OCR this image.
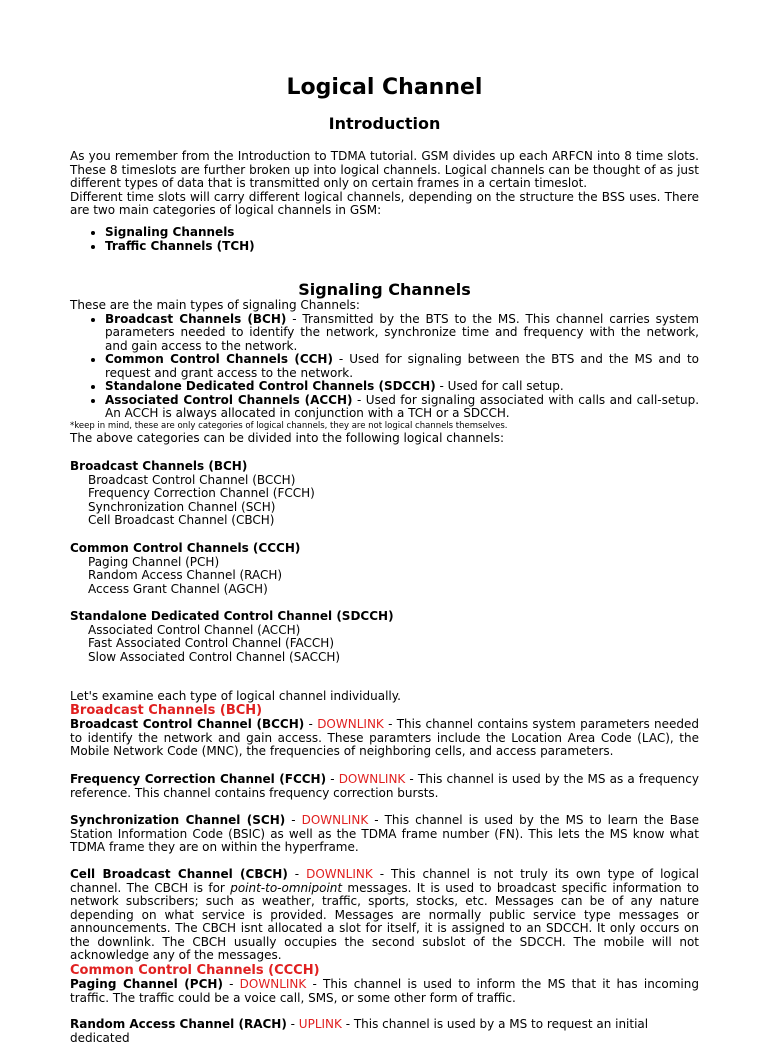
Logical Channel
Introduction

As you remember from the Introduction to TDMA tutorial. GSM divides up each ARFCN into 8 time slots. These 8 timeslots are further broken up into logical channels. Logical channels can be thought of as just different types of data that is transmitted only on certain frames in a certain timeslot.

Different time slots will carry different logical channels, depending on the structure the BSS uses. There are two main categories of logical channels in GSM:

• Signaling Channels
• Traffic Channels (TCH)
Signaling Channels

These are the main types of signaling Channels:

• Broadcast Channels (BCH) - Transmitted by the BTS to the MS. This channel carries system parameters needed to identify the network, synchronize time and frequency with the network, and gain access to the network.
• Common Control Channels (CCH) - Used for signaling between the BTS and the MS and to request and grant access to the network.
• Standalone Dedicated Control Channels (SDCCH) - Used for call setup.
• Associated Control Channels (ACCH) - Used for signaling associated with calls and call-setup. An ACCH is always allocated in conjunction with a TCH or a SDCCH.

*keep in mind, these are only categories of logical channels, they are not logical channels themselves.

The above categories can be divided into the following logical channels:

Broadcast Channels (BCH)

Broadcast Control Channel (BCCH)

Frequency Correction Channel (FCCH)

Synchronization Channel (SCH)

Cell Broadcast Channel (CBCH)

Common Control Channels (CCCH)

Paging Channel (PCH)

Random Access Channel (RACH)

Access Grant Channel (AGCH)

Standalone Dedicated Control Channel (SDCCH)

Associated Control Channel (ACCH)

Fast Associated Control Channel (FACCH)

Slow Associated Control Channel (SACCH)

Let's examine each type of logical channel individually.

Broadcast Channels (BCH)

Broadcast Control Channel (BCCH) - DOWNLINK - This channel contains system parameters needed to identify the network and gain access. These paramters include the Location Area Code (LAC), the Mobile Network Code (MNC), the frequencies of neighboring cells, and access parameters.

Frequency Correction Channel (FCCH) - DOWNLINK - This channel is used by the MS as a frequency reference. This channel contains frequency correction bursts.

Synchronization Channel (SCH) - DOWNLINK - This channel is used by the MS to learn the Base Station Information Code (BSIC) as well as the TDMA frame number (FN). This lets the MS know what TDMA frame they are on within the hyperframe.

Cell Broadcast Channel (CBCH) - DOWNLINK - This channel is not truly its own type of logical channel. The CBCH is for point-to-omnipoint messages. It is used to broadcast specific information to network subscribers; such as weather, traffic, sports, stocks, etc. Messages can be of any nature depending on what service is provided. Messages are normally public service type messages or announcements. The CBCH isnt allocated a slot for itself, it is assigned to an SDCCH. It only occurs on the downlink. The CBCH usually occupies the second subslot of the SDCCH. The mobile will not acknowledge any of the messages.

Common Control Channels (CCCH)

Paging Channel (PCH) - DOWNLINK - This channel is used to inform the MS that it has incoming traffic. The traffic could be a voice call, SMS, or some other form of traffic.

Random Access Channel (RACH) - UPLINK - This channel is used by a MS to request an initial dedicated
